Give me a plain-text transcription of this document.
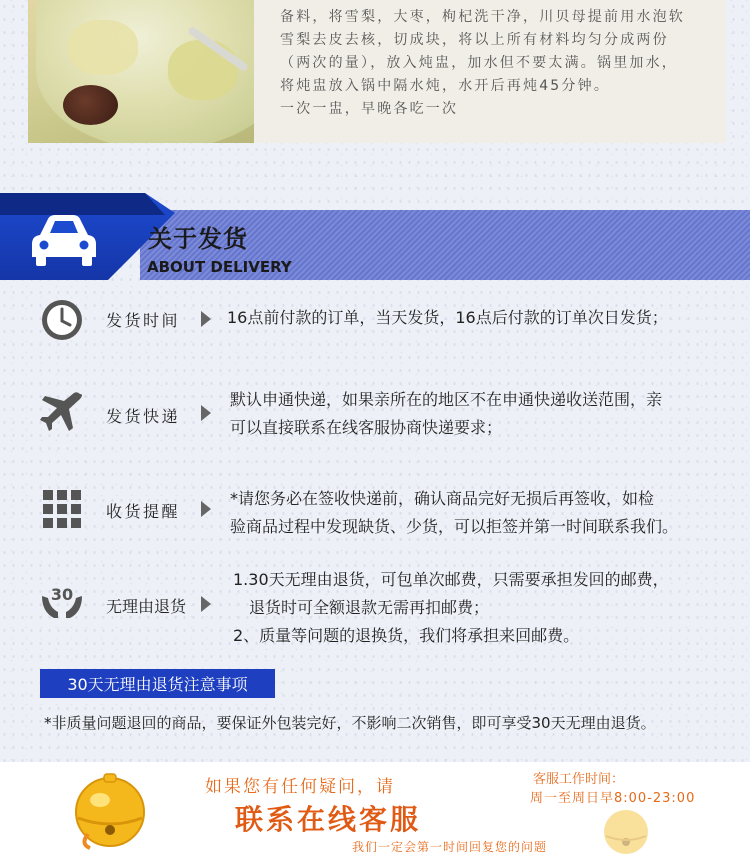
备料，将雪梨，大枣，枸杞洗干净，川贝母提前用水泡软
雪梨去皮去核，切成块，将以上所有材料均匀分成两份
（两次的量），放入炖盅，加水但不要太满。锅里加水，
将炖盅放入锅中隔水炖，水开后再炖45分钟。
一次一盅，早晚各吃一次
关于发货
ABOUT DELIVERY
发货时间	16点前付款的订单，当天发货，16点后付款的订单次日发货；
发货快递
默认申通快递，如果亲所在的地区不在申通快递收送范围，亲
可以直接联系在线客服协商快递要求；
收货提醒
*请您务必在签收快递前，确认商品完好无损后再签收，如检
验商品过程中发现缺货、少货，可以拒签并第一时间联系我们。
30
无理由退货
1.30天无理由退货，可包单次邮费，只需要承担发回的邮费，
退货时可全额退款无需再扣邮费；
2、质量等问题的退换货，我们将承担来回邮费。
30天无理由退货注意事项
*非质量问题退回的商品，要保证外包装完好，不影响二次销售，即可享受30天无理由退货。
如果您有任何疑问，请
联系在线客服
我们一定会第一时间回复您的问题
客服工作时间：
周一至周日早8:00-23:00
